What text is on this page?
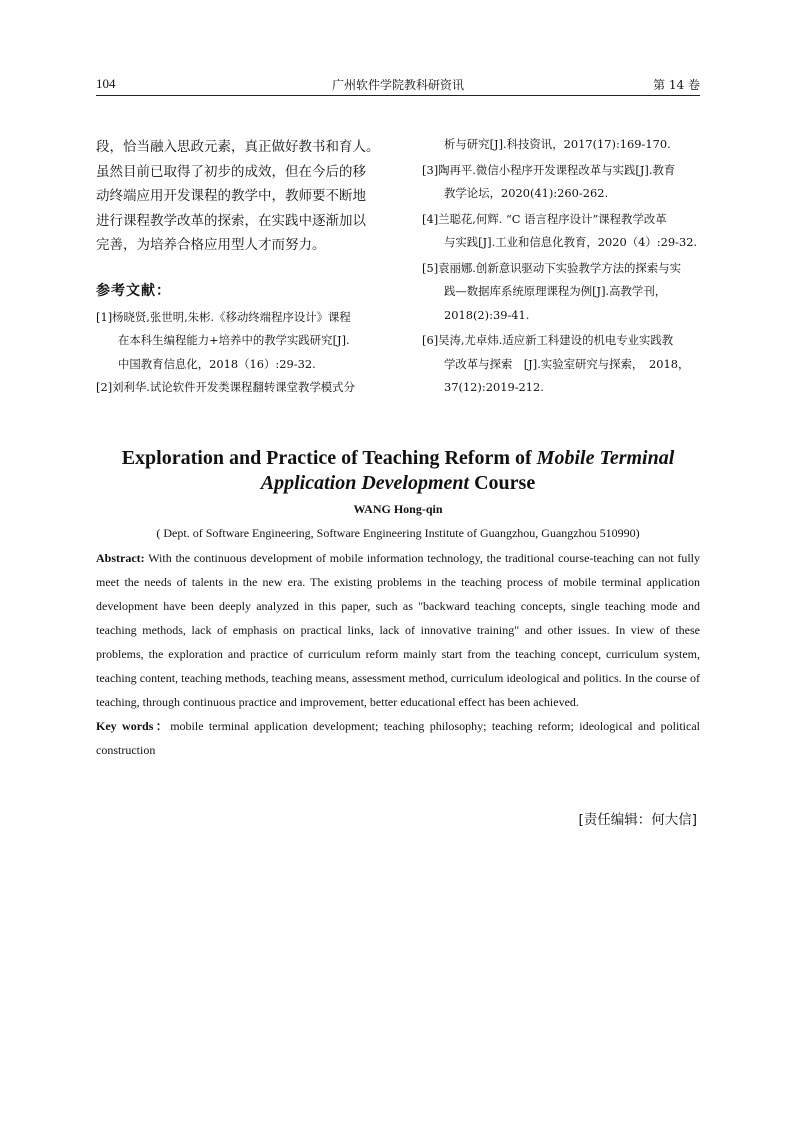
104	广州软件学院教科研资讯	第 14 卷
段，恰当融入思政元素，真正做好教书和育人。
虽然目前已取得了初步的成效，但在今后的移
动终端应用开发课程的教学中，教师要不断地
进行课程教学改革的探索，在实践中逐渐加以
完善，为培养合格应用型人才而努力。
参考文献：
[1]杨晓贤,张世明,朱彬.《移动终端程序设计》课程
在本科生编程能力+培养中的教学实践研究[J].
中国教育信息化，2018（16）:29-32.
[2]刘利华.试论软件开发类课程翻转课堂教学模式分
析与研究[J].科技资讯，2017(17):169-170.
[3]陶再平.微信小程序开发课程改革与实践[J].教育
教学论坛，2020(41):260-262.
[4]兰聪花,何辉. “C 语言程序设计”课程教学改革
与实践[J].工业和信息化教育，2020（4）:29-32.
[5]袁丽娜.创新意识驱动下实验教学方法的探索与实
践—数据库系统原理课程为例[J].高教学刊，
2018(2):39-41.
[6]吴涛,尤卓炜.适应新工科建设的机电专业实践教
学改革与探索　[J].实验室研究与探索，　2018，
37(12):2019-212.
Exploration and Practice of Teaching Reform of Mobile Terminal
Application Development Course
WANG Hong-qin
( Dept. of Software Engineering, Software Engineering Institute of Guangzhou, Guangzhou 510990)
Abstract: With the continuous development of mobile information technology, the traditional course-teaching can not fully
meet the needs of talents in the new era. The existing problems in the teaching process of mobile terminal application
development have been deeply analyzed in this paper, such as "backward teaching concepts, single teaching mode and
teaching methods, lack of emphasis on practical links, lack of innovative training" and other issues. In view of these
problems, the exploration and practice of curriculum reform mainly start from the teaching concept, curriculum system,
teaching content, teaching methods, teaching means, assessment method, curriculum ideological and politics. In the course of
teaching, through continuous practice and improvement, better educational effect has been achieved.
Key words：mobile terminal application development; teaching philosophy; teaching reform; ideological and political
construction
[责任编辑：何大信]
